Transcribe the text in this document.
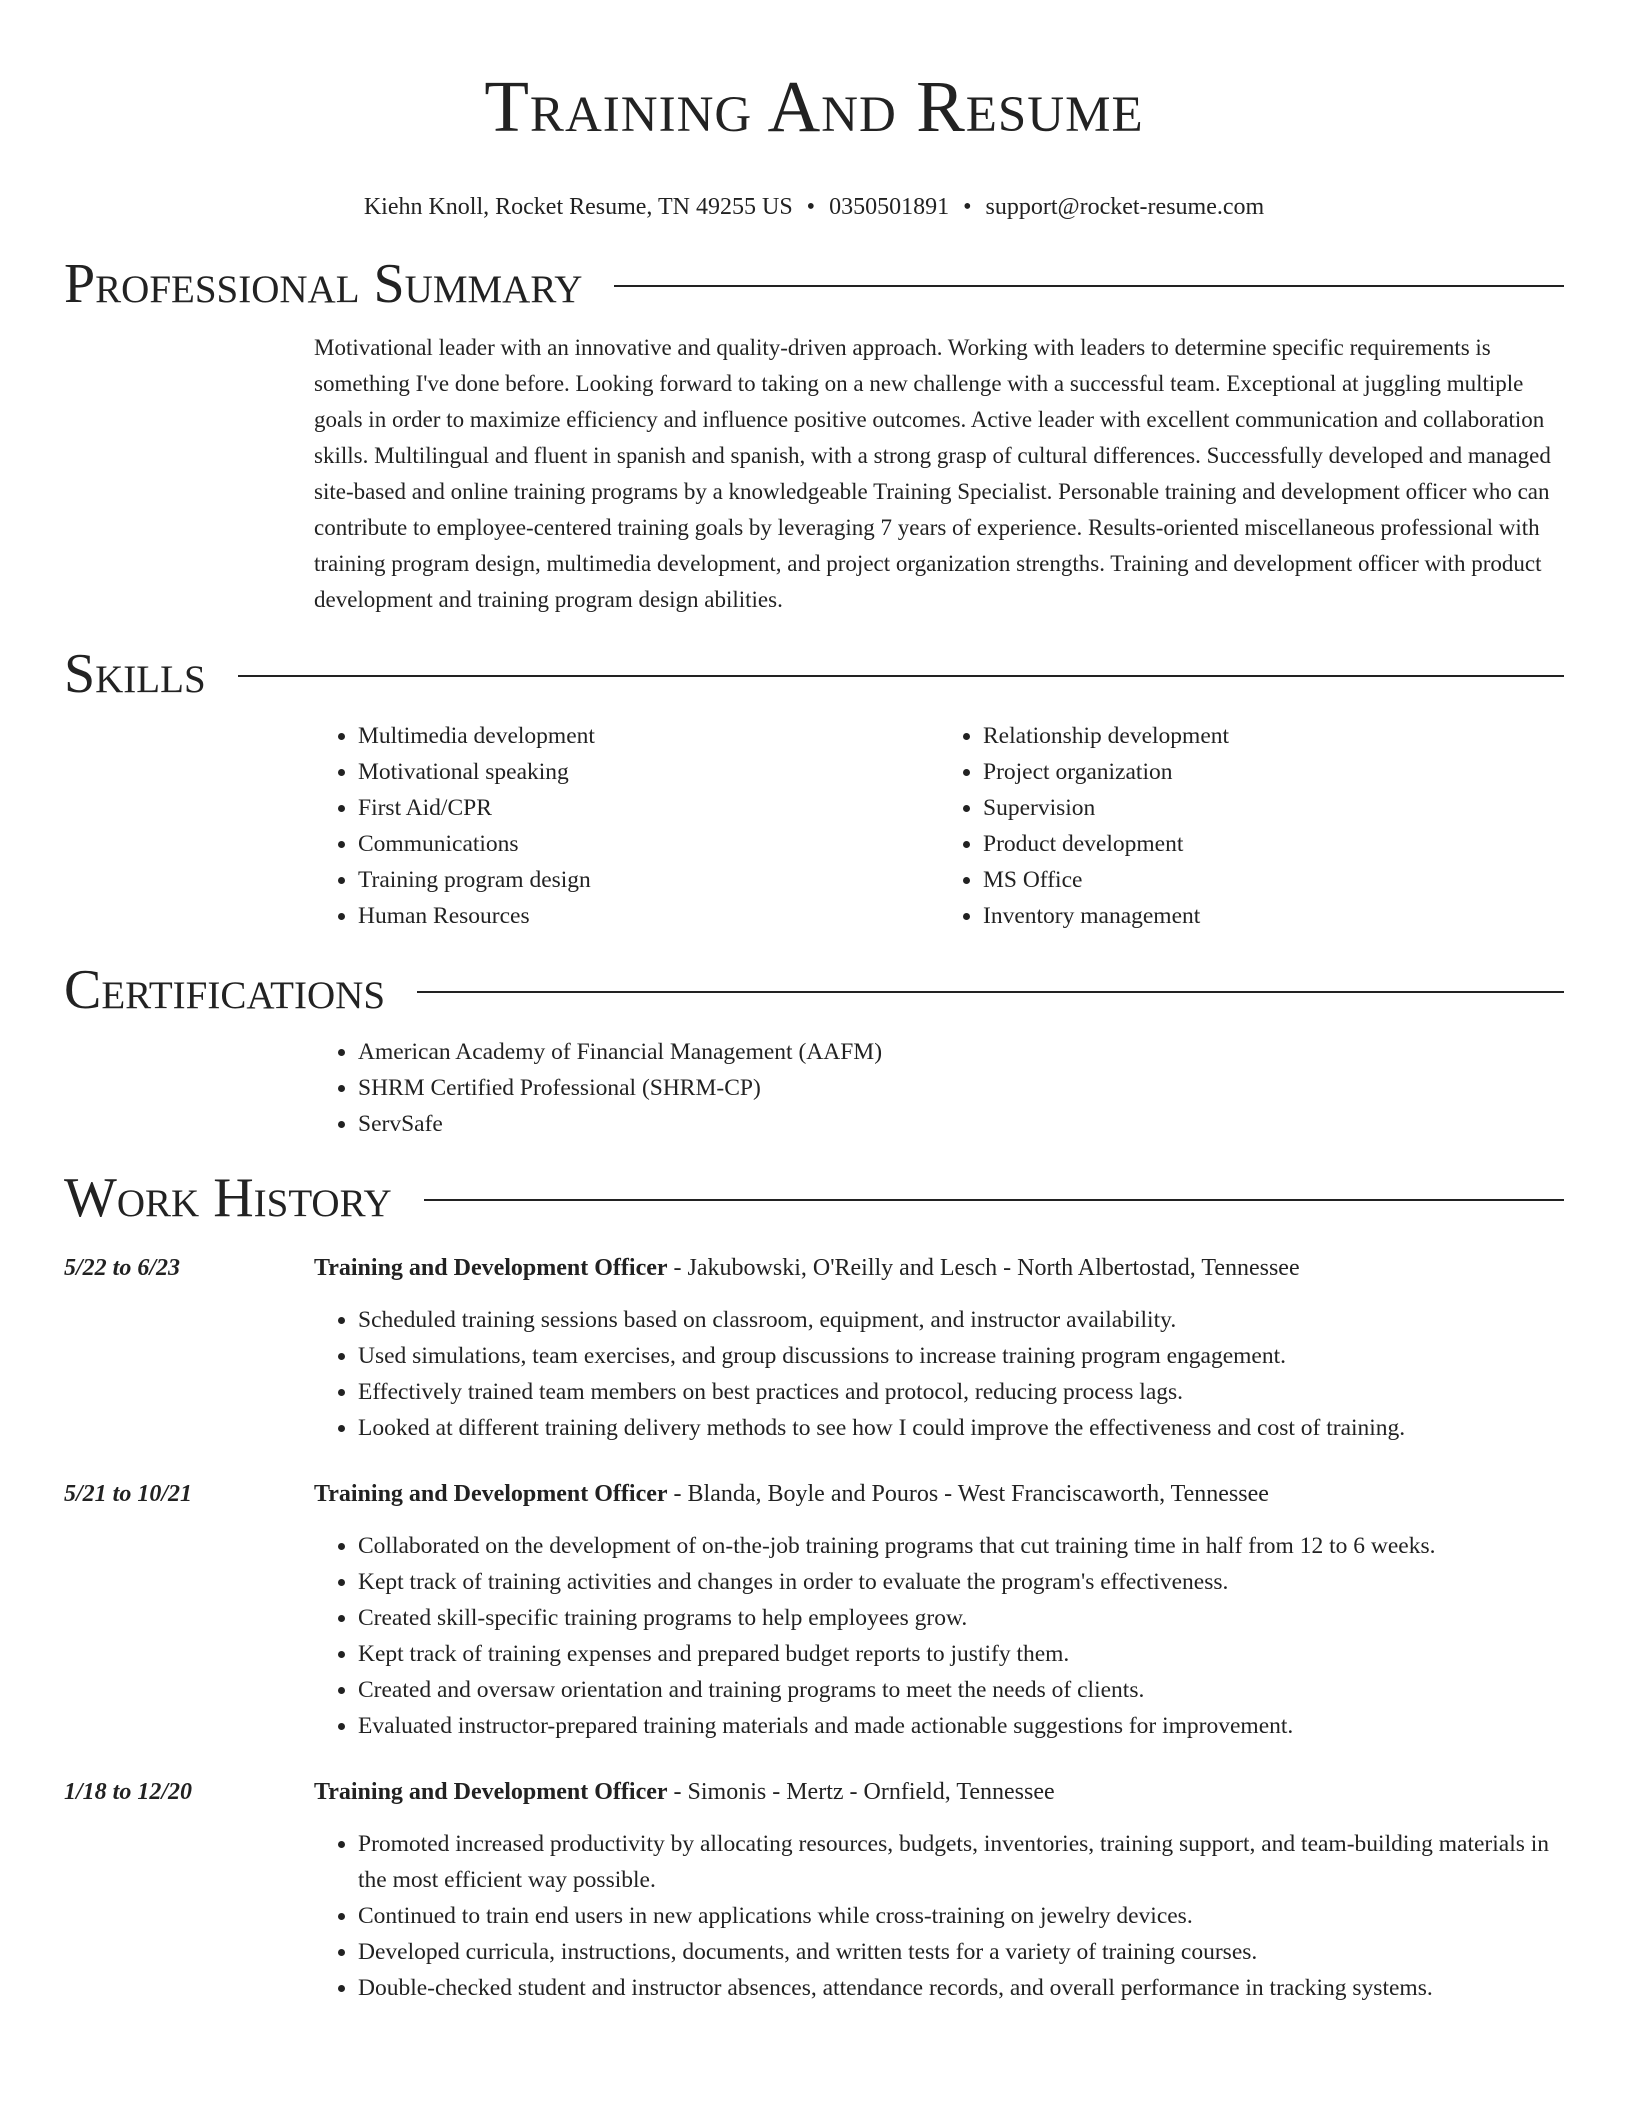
Training And Resume
Kiehn Knoll, Rocket Resume, TN 49255 US • 0350501891 • support@rocket-resume.com
Professional Summary
Motivational leader with an innovative and quality-driven approach. Working with leaders to determine specific requirements is something I've done before. Looking forward to taking on a new challenge with a successful team. Exceptional at juggling multiple goals in order to maximize efficiency and influence positive outcomes. Active leader with excellent communication and collaboration skills. Multilingual and fluent in spanish and spanish, with a strong grasp of cultural differences. Successfully developed and managed site-based and online training programs by a knowledgeable Training Specialist. Personable training and development officer who can contribute to employee-centered training goals by leveraging 7 years of experience. Results-oriented miscellaneous professional with training program design, multimedia development, and project organization strengths. Training and development officer with product development and training program design abilities.
Skills
• Multimedia development
• Motivational speaking
• First Aid/CPR
• Communications
• Training program design
• Human Resources
• Relationship development
• Project organization
• Supervision
• Product development
• MS Office
• Inventory management
Certifications
• American Academy of Financial Management (AAFM)
• SHRM Certified Professional (SHRM-CP)
• ServSafe
Work History
5/22 to 6/23	Training and Development Officer - Jakubowski, O'Reilly and Lesch - North Albertostad, Tennessee
• Scheduled training sessions based on classroom, equipment, and instructor availability.
• Used simulations, team exercises, and group discussions to increase training program engagement.
• Effectively trained team members on best practices and protocol, reducing process lags.
• Looked at different training delivery methods to see how I could improve the effectiveness and cost of training.
5/21 to 10/21	Training and Development Officer - Blanda, Boyle and Pouros - West Franciscaworth, Tennessee
• Collaborated on the development of on-the-job training programs that cut training time in half from 12 to 6 weeks.
• Kept track of training activities and changes in order to evaluate the program's effectiveness.
• Created skill-specific training programs to help employees grow.
• Kept track of training expenses and prepared budget reports to justify them.
• Created and oversaw orientation and training programs to meet the needs of clients.
• Evaluated instructor-prepared training materials and made actionable suggestions for improvement.
1/18 to 12/20	Training and Development Officer - Simonis - Mertz - Ornfield, Tennessee
• Promoted increased productivity by allocating resources, budgets, inventories, training support, and team-building materials in the most efficient way possible.
• Continued to train end users in new applications while cross-training on jewelry devices.
• Developed curricula, instructions, documents, and written tests for a variety of training courses.
• Double-checked student and instructor absences, attendance records, and overall performance in tracking systems.
